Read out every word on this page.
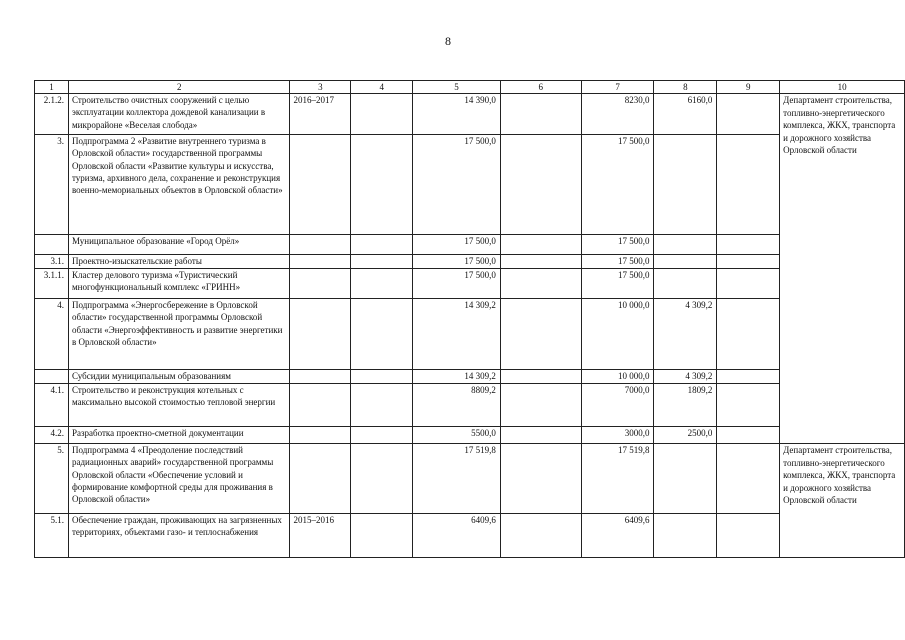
8
1	2	3	4	5	6	7	8	9	10
2.1.2.	Строительство очистных сооружений с целью эксплуатации коллектора дождевой канализации в микрорайоне «Веселая слобода»	2016–2017		14 390,0		8230,0	6160,0		Департамент строительства, топливно-энергетического комплекса, ЖКХ, транспорта и дорожного хозяйства Орловской области
3.	Подпрограмма 2 «Развитие внутреннего туризма в Орловской области» государственной программы Орловской области «Развитие культуры и искусства, туризма, архивного дела, сохранение и реконструкция военно-мемориальных объектов в Орловской области»			17 500,0		17 500,0			
	Муниципальное образование «Город Орёл»			17 500,0		17 500,0			
3.1.	Проектно-изыскательские работы			17 500,0		17 500,0			
3.1.1.	Кластер делового туризма «Туристический многофункциональный комплекс «ГРИНН»			17 500,0		17 500,0			
4.	Подпрограмма «Энергосбережение в Орловской области» государственной программы Орловской области «Энергоэффективность и развитие энергетики в Орловской области»			14 309,2		10 000,0	4 309,2		
	Субсидии муниципальным образованиям			14 309,2		10 000,0	4 309,2		
4.1.	Строительство и реконструкция котельных с максимально высокой стоимостью тепловой энергии			8809,2		7000,0	1809,2		
4.2.	Разработка проектно-сметной документации			5500,0		3000,0	2500,0		
5.	Подпрограмма 4 «Преодоление последствий радиационных аварий» государственной программы Орловской области «Обеспечение условий и формирование комфортной среды для проживания в Орловской области»			17 519,8		17 519,8			Департамент строительства, топливно-энергетического комплекса, ЖКХ, транспорта и дорожного хозяйства Орловской области
5.1.	Обеспечение граждан, проживающих на загрязненных территориях, объектами газо- и теплоснабжения	2015–2016		6409,6		6409,6			
